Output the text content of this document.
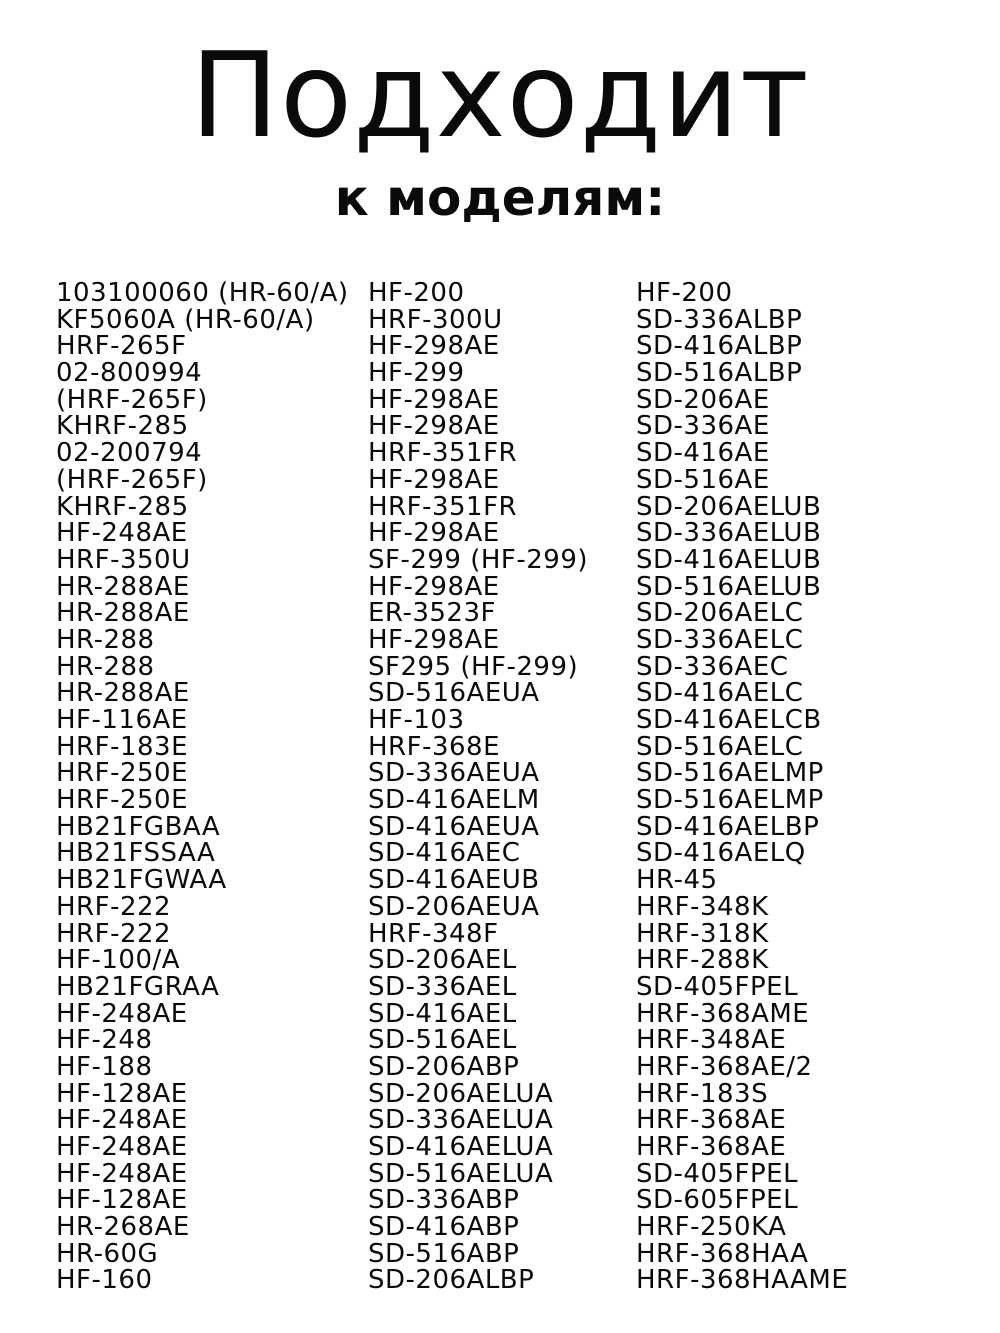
Подходит
к моделям:
103100060 (HR-60/A)
KF5060A (HR-60/A)
HRF-265F
02-800994
(HRF-265F)
KHRF-285
02-200794
(HRF-265F)
KHRF-285
HF-248AE
HRF-350U
HR-288AE
HR-288AE
HR-288
HR-288
HR-288AE
HF-116AE
HRF-183E
HRF-250E
HRF-250E
HB21FGBAA
HB21FSSAA
HB21FGWAA
HRF-222
HRF-222
HF-100/A
HB21FGRAA
HF-248AE
HF-248
HF-188
HF-128AE
HF-248AE
HF-248AE
HF-248AE
HF-128AE
HR-268AE
HR-60G
HF-160
HF-200
HRF-300U
HF-298AE
HF-299
HF-298AE
HF-298AE
HRF-351FR
HF-298AE
HRF-351FR
HF-298AE
SF-299 (HF-299)
HF-298AE
ER-3523F
HF-298AE
SF295 (HF-299)
SD-516AEUA
HF-103
HRF-368E
SD-336AEUA
SD-416AELM
SD-416AEUA
SD-416AEC
SD-416AEUB
SD-206AEUA
HRF-348F
SD-206AEL
SD-336AEL
SD-416AEL
SD-516AEL
SD-206ABP
SD-206AELUA
SD-336AELUA
SD-416AELUA
SD-516AELUA
SD-336ABP
SD-416ABP
SD-516ABP
SD-206ALBP
HF-200
SD-336ALBP
SD-416ALBP
SD-516ALBP
SD-206AE
SD-336AE
SD-416AE
SD-516AE
SD-206AELUB
SD-336AELUB
SD-416AELUB
SD-516AELUB
SD-206AELC
SD-336AELC
SD-336AEC
SD-416AELC
SD-416AELCB
SD-516AELC
SD-516AELMP
SD-516AELMP
SD-416AELBP
SD-416AELQ
HR-45
HRF-348K
HRF-318K
HRF-288K
SD-405FPEL
HRF-368AME
HRF-348AE
HRF-368AE/2
HRF-183S
HRF-368AE
HRF-368AE
SD-405FPEL
SD-605FPEL
HRF-250KA
HRF-368HAA
HRF-368HAAME
